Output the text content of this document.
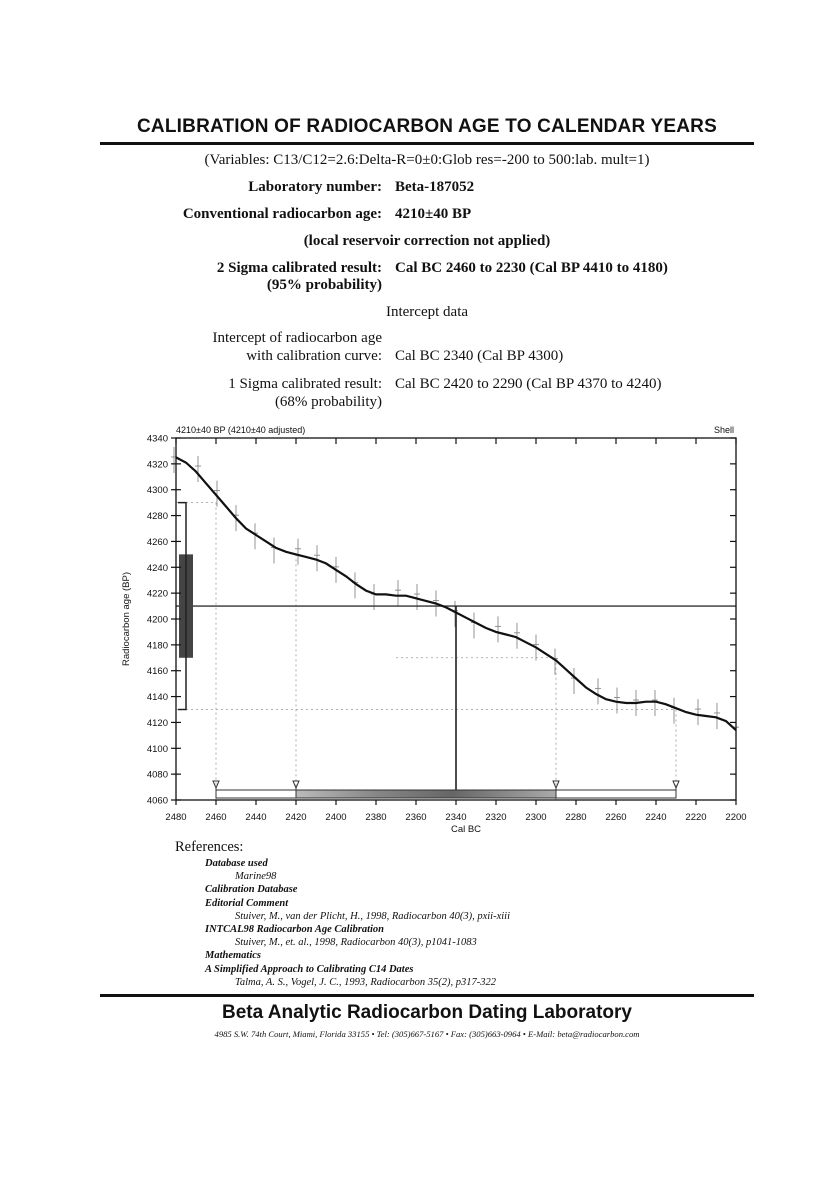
CALIBRATION OF RADIOCARBON AGE TO CALENDAR YEARS
(Variables: C13/C12=2.6:Delta-R=0±0:Glob res=-200 to 500:lab. mult=1)
Laboratory number: Beta-187052
Conventional radiocarbon age: 4210±40 BP
(local reservoir correction not applied)
2 Sigma calibrated result:
(95% probability)
Cal BC 2460 to 2230 (Cal BP 4410 to 4180)
Intercept data
Intercept of radiocarbon age
with calibration curve: Cal BC 2340 (Cal BP 4300)
1 Sigma calibrated result:
(68% probability)
Cal BC 2420 to 2290 (Cal BP 4370 to 4240)
4060
4080
4100
4120
4140
4160
4180
4200
4220
4240
4260
4280
4300
4320
4340
2480 2460 2440 2420 2400 2380 2360 2340 2320 2300 2280 2260 2240 2220 2200
4210±40 BP (4210±40 adjusted)	Shell
Cal BC
Radiocarbon age (BP)
References:
Database used
Marine98
Calibration Database
Editorial Comment
Stuiver, M., van der Plicht, H., 1998, Radiocarbon 40(3), pxii-xiii
INTCAL98 Radiocarbon Age Calibration
Stuiver, M., et. al., 1998, Radiocarbon 40(3), p1041-1083
Mathematics
A Simplified Approach to Calibrating C14 Dates
Talma, A. S., Vogel, J. C., 1993, Radiocarbon 35(2), p317-322
Beta Analytic Radiocarbon Dating Laboratory
4985 S.W. 74th Court, Miami, Florida 33155 • Tel: (305)667-5167 • Fax: (305)663-0964 • E-Mail: beta@radiocarbon.com
